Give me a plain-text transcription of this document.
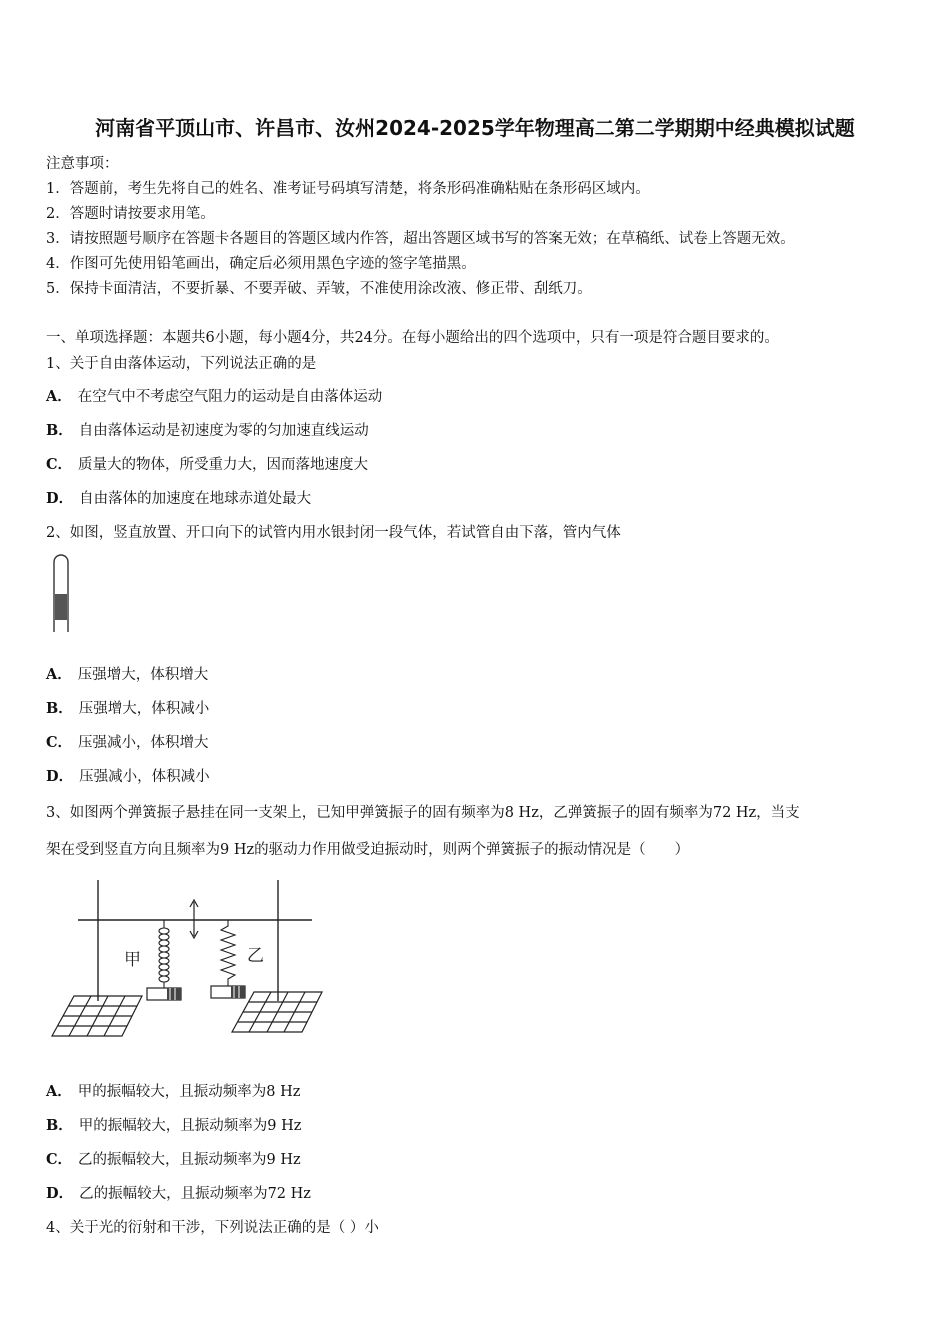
河南省平顶山市、许昌市、汝州2024-2025学年物理高二第二学期期中经典模拟试题
注意事项：
1．答题前，考生先将自己的姓名、准考证号码填写清楚，将条形码准确粘贴在条形码区域内。
2．答题时请按要求用笔。
3．请按照题号顺序在答题卡各题目的答题区域内作答，超出答题区域书写的答案无效；在草稿纸、试卷上答题无效。
4．作图可先使用铅笔画出，确定后必须用黑色字迹的签字笔描黑。
5．保持卡面清洁，不要折暴、不要弄破、弄皱，不准使用涂改液、修正带、刮纸刀。
一、单项选择题：本题共6小题，每小题4分，共24分。在每小题给出的四个选项中，只有一项是符合题目要求的。
1、关于自由落体运动，下列说法正确的是
A． 在空气中不考虑空气阻力的运动是自由落体运动
B． 自由落体运动是初速度为零的匀加速直线运动
C． 质量大的物体，所受重力大，因而落地速度大
D． 自由落体的加速度在地球赤道处最大
2、如图，竖直放置、开口向下的试管内用水银封闭一段气体，若试管自由下落，管内气体
A． 压强增大，体积增大
B． 压强增大，体积减小
C． 压强减小，体积增大
D． 压强减小，体积减小
3、如图两个弹簧振子悬挂在同一支架上，已知甲弹簧振子的固有频率为8 Hz，乙弹簧振子的固有频率为72 Hz，当支
架在受到竖直方向且频率为9 Hz的驱动力作用做受迫振动时，则两个弹簧振子的振动情况是（　　）
甲	乙
A． 甲的振幅较大，且振动频率为8 Hz
B． 甲的振幅较大，且振动频率为9 Hz
C． 乙的振幅较大，且振动频率为9 Hz
D． 乙的振幅较大，且振动频率为72 Hz
4、关于光的衍射和干涉，下列说法正确的是（ ）小
